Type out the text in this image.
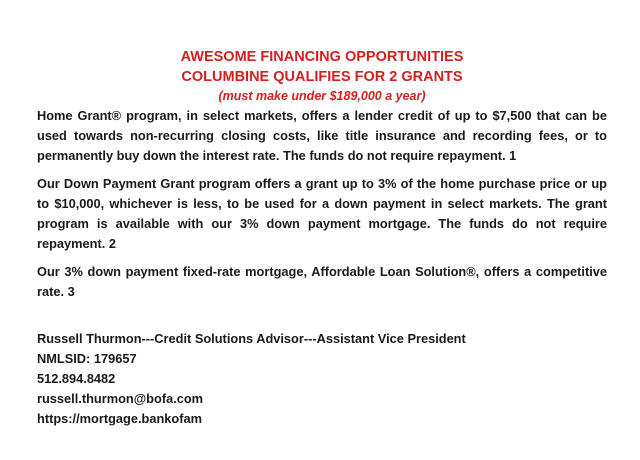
AWESOME FINANCING OPPORTUNITIES
COLUMBINE QUALIFIES FOR 2 GRANTS
(must make under $189,000 a year)

Home Grant® program, in select markets, offers a lender credit of up to $7,500 that can be used towards non-recurring closing costs, like title insurance and recording fees, or to permanently buy down the interest rate. The funds do not require repayment. 1

Our Down Payment Grant program offers a grant up to 3% of the home purchase price or up to $10,000, whichever is less, to be used for a down payment in select markets. The grant program is available with our 3% down payment mortgage. The funds do not require repayment. 2

Our 3% down payment fixed-rate mortgage, Affordable Loan Solution®, offers a competitive rate. 3

Russell Thurmon---Credit Solutions Advisor---Assistant Vice President
NMLSID: 179657
512.894.8482
russell.thurmon@bofa.com
https://mortgage.bankofam
